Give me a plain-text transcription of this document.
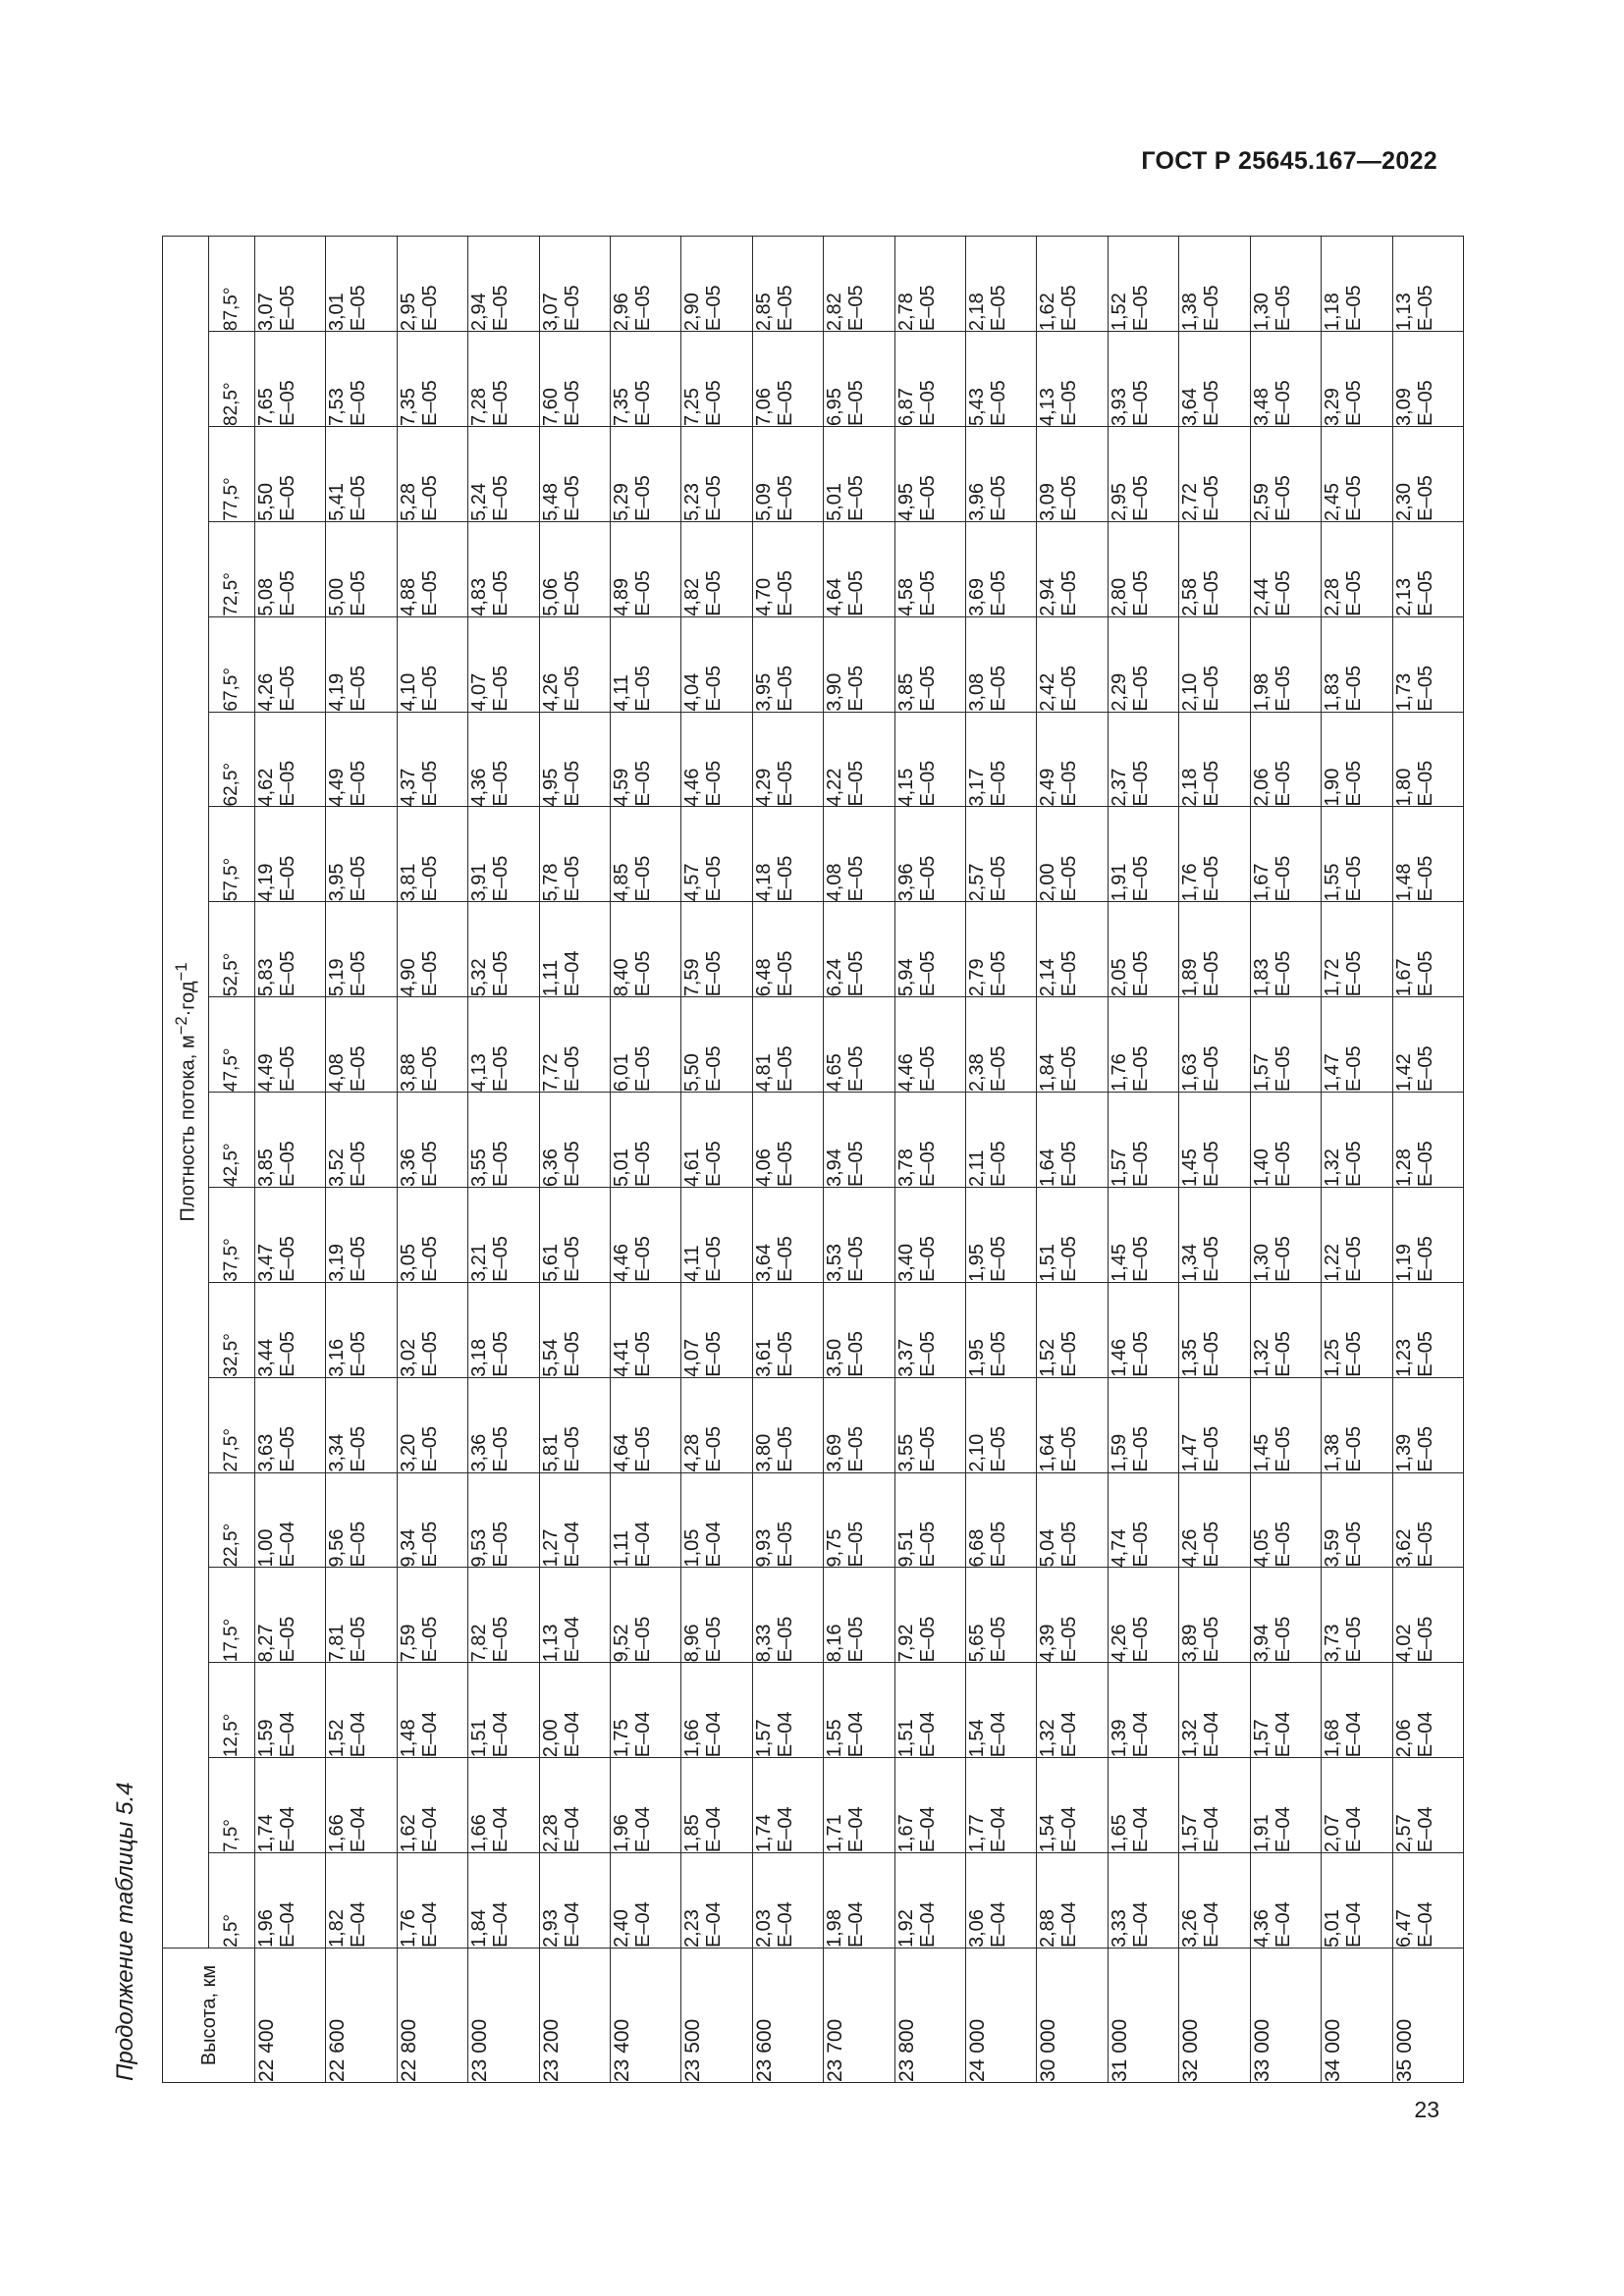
ГОСТ Р 25645.167—2022
Продолжение таблицы 5.4	Высота, км	Плотность потока, $м^{-2}\cdot год^{-1}$
	2,5°	7,5°	12,5°	17,5°	22,5°	27,5°	32,5°	37,5°	42,5°	47,5°	52,5°	57,5°	62,5°	67,5°	72,5°	77,5°	82,5°	87,5°
22 400	1,96 E–04	1,74 E–04	1,59 E–04	8,27 E–05	1,00 E–04	3,63 E–05	3,44 E–05	3,47 E–05	3,85 E–05	4,49 E–05	5,83 E–05	4,19 E–05	4,62 E–05	4,26 E–05	5,08 E–05	5,50 E–05	7,65 E–05	3,07 E–05

22 600	1,82 E–04	1,66 E–04	1,52 E–04	7,81 E–05	9,56 E–05	3,34 E–05	3,16 E–05	3,19 E–05	3,52 E–05	4,08 E–05	5,19 E–05	3,95 E–05	4,49 E–05	4,19 E–05	5,00 E–05	5,41 E–05	7,53 E–05	3,01 E–05

22 800	1,76 E–04	1,62 E–04	1,48 E–04	7,59 E–05	9,34 E–05	3,20 E–05	3,02 E–05	3,05 E–05	3,36 E–05	3,88 E–05	4,90 E–05	3,81 E–05	4,37 E–05	4,10 E–05	4,88 E–05	5,28 E–05	7,35 E–05	2,95 E–05

23 000	1,84 E–04	1,66 E–04	1,51 E–04	7,82 E–05	9,53 E–05	3,36 E–05	3,18 E–05	3,21 E–05	3,55 E–05	4,13 E–05	5,32 E–05	3,91 E–05	4,36 E–05	4,07 E–05	4,83 E–05	5,24 E–05	7,28 E–05	2,94 E–05

23 200	2,93 E–04	2,28 E–04	2,00 E–04	1,13 E–04	1,27 E–04	5,81 E–05	5,54 E–05	5,61 E–05	6,36 E–05	7,72 E–05	1,11 E–04	5,78 E–05	4,95 E–05	4,26 E–05	5,06 E–05	5,48 E–05	7,60 E–05	3,07 E–05

23 400	2,40 E–04	1,96 E–04	1,75 E–04	9,52 E–05	1,11 E–04	4,64 E–05	4,41 E–05	4,46 E–05	5,01 E–05	6,01 E–05	8,40 E–05	4,85 E–05	4,59 E–05	4,11 E–05	4,89 E–05	5,29 E–05	7,35 E–05	2,96 E–05

23 500	2,23 E–04	1,85 E–04	1,66 E–04	8,96 E–05	1,05 E–04	4,28 E–05	4,07 E–05	4,11 E–05	4,61 E–05	5,50 E–05	7,59 E–05	4,57 E–05	4,46 E–05	4,04 E–05	4,82 E–05	5,23 E–05	7,25 E–05	2,90 E–05

23 600	2,03 E–04	1,74 E–04	1,57 E–04	8,33 E–05	9,93 E–05	3,80 E–05	3,61 E–05	3,64 E–05	4,06 E–05	4,81 E–05	6,48 E–05	4,18 E–05	4,29 E–05	3,95 E–05	4,70 E–05	5,09 E–05	7,06 E–05	2,85 E–05

23 700	1,98 E–04	1,71 E–04	1,55 E–04	8,16 E–05	9,75 E–05	3,69 E–05	3,50 E–05	3,53 E–05	3,94 E–05	4,65 E–05	6,24 E–05	4,08 E–05	4,22 E–05	3,90 E–05	4,64 E–05	5,01 E–05	6,95 E–05	2,82 E–05

23 800	1,92 E–04	1,67 E–04	1,51 E–04	7,92 E–05	9,51 E–05	3,55 E–05	3,37 E–05	3,40 E–05	3,78 E–05	4,46 E–05	5,94 E–05	3,96 E–05	4,15 E–05	3,85 E–05	4,58 E–05	4,95 E–05	6,87 E–05	2,78 E–05

24 000	3,06 E–04	1,77 E–04	1,54 E–04	5,65 E–05	6,68 E–05	2,10 E–05	1,95 E–05	1,95 E–05	2,11 E–05	2,38 E–05	2,79 E–05	2,57 E–05	3,17 E–05	3,08 E–05	3,69 E–05	3,96 E–05	5,43 E–05	2,18 E–05

30 000	2,88 E–04	1,54 E–04	1,32 E–04	4,39 E–05	5,04 E–05	1,64 E–05	1,52 E–05	1,51 E–05	1,64 E–05	1,84 E–05	2,14 E–05	2,00 E–05	2,49 E–05	2,42 E–05	2,94 E–05	3,09 E–05	4,13 E–05	1,62 E–05

31 000	3,33 E–04	1,65 E–04	1,39 E–04	4,26 E–05	4,74 E–05	1,59 E–05	1,46 E–05	1,45 E–05	1,57 E–05	1,76 E–05	2,05 E–05	1,91 E–05	2,37 E–05	2,29 E–05	2,80 E–05	2,95 E–05	3,93 E–05	1,52 E–05

32 000	3,26 E–04	1,57 E–04	1,32 E–04	3,89 E–05	4,26 E–05	1,47 E–05	1,35 E–05	1,34 E–05	1,45 E–05	1,63 E–05	1,89 E–05	1,76 E–05	2,18 E–05	2,10 E–05	2,58 E–05	2,72 E–05	3,64 E–05	1,38 E–05

33 000	4,36 E–04	1,91 E–04	1,57 E–04	3,94 E–05	4,05 E–05	1,45 E–05	1,32 E–05	1,30 E–05	1,40 E–05	1,57 E–05	1,83 E–05	1,67 E–05	2,06 E–05	1,98 E–05	2,44 E–05	2,59 E–05	3,48 E–05	1,30 E–05

34 000	5,01 E–04	2,07 E–04	1,68 E–04	3,73 E–05	3,59 E–05	1,38 E–05	1,25 E–05	1,22 E–05	1,32 E–05	1,47 E–05	1,72 E–05	1,55 E–05	1,90 E–05	1,83 E–05	2,28 E–05	2,45 E–05	3,29 E–05	1,18 E–05

35 000	6,47 E–04	2,57 E–04	2,06 E–04	4,02 E–05	3,62 E–05	1,39 E–05	1,23 E–05	1,19 E–05	1,28 E–05	1,42 E–05	1,67 E–05	1,48 E–05	1,80 E–05	1,73 E–05	2,13 E–05	2,30 E–05	3,09 E–05	1,13 E–05
23
